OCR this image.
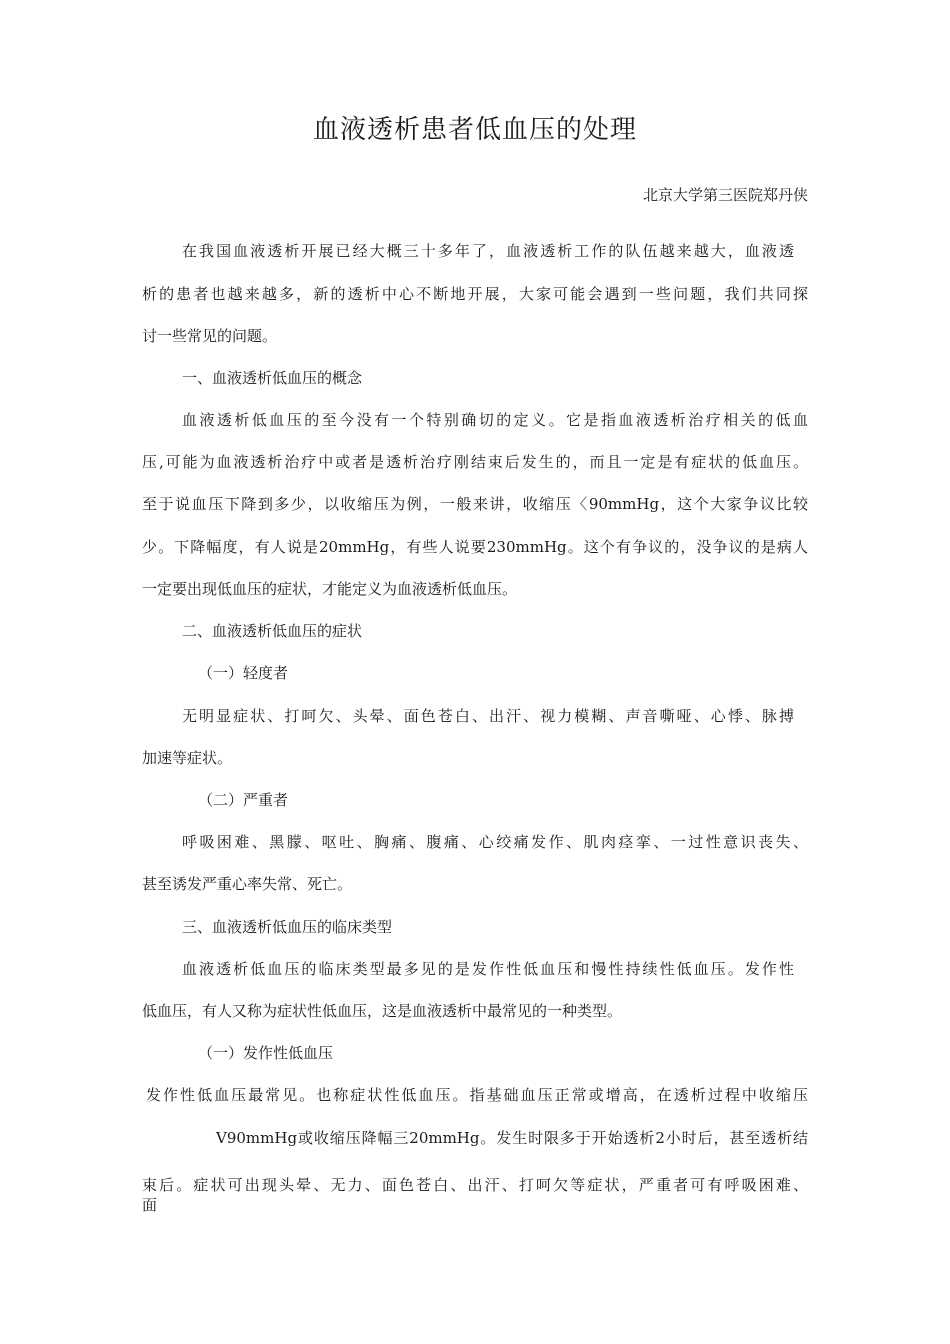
血液透析患者低血压的处理
北京大学第三医院郑丹侠
在我国血液透析开展已经大概三十多年了，血液透析工作的队伍越来越大，血液透
析的患者也越来越多，新的透析中心不断地开展，大家可能会遇到一些问题，我们共同探
讨一些常见的问题。
一、血液透析低血压的概念
血液透析低血压的至今没有一个特别确切的定义。它是指血液透析治疗相关的低血
压,可能为血液透析治疗中或者是透析治疗刚结束后发生的，而且一定是有症状的低血压。
至于说血压下降到多少，以收缩压为例，一般来讲，收缩压〈90mmHg，这个大家争议比较
少。下降幅度，有人说是20mmHg，有些人说要230mmHg。这个有争议的，没争议的是病人
一定要出现低血压的症状，才能定义为血液透析低血压。
二、血液透析低血压的症状
（一）轻度者
无明显症状、打呵欠、头晕、面色苍白、出汗、视力模糊、声音嘶哑、心悸、脉搏
加速等症状。
（二）严重者
呼吸困难、黑朦、呕吐、胸痛、腹痛、心绞痛发作、肌肉痉挛、一过性意识丧失、
甚至诱发严重心率失常、死亡。
三、血液透析低血压的临床类型
血液透析低血压的临床类型最多见的是发作性低血压和慢性持续性低血压。发作性
低血压，有人又称为症状性低血压，这是血液透析中最常见的一种类型。
（一）发作性低血压
发作性低血压最常见。也称症状性低血压。指基础血压正常或增高，在透析过程中收缩压
V90mmHg或收缩压降幅三20mmHg。发生时限多于开始透析2小时后，甚至透析结
束后。症状可出现头晕、无力、面色苍白、出汗、打呵欠等症状，严重者可有呼吸困难、
面
